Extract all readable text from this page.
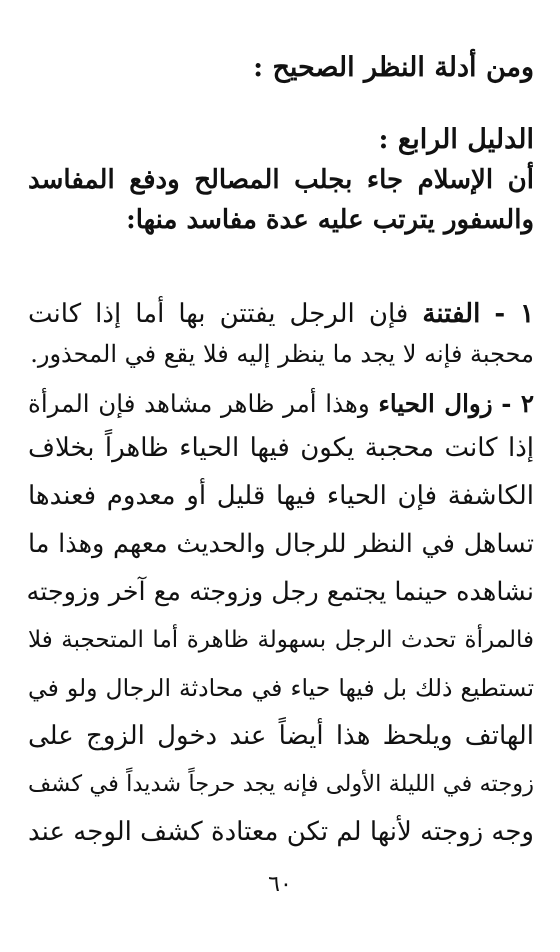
ومن أدلة النظر الصحيح :
الدليل الرابع :
أن الإسلام جاء بجلب المصالح ودفع المفاسد
والسفور يترتب عليه عدة مفاسد منها:
١ - الفتنة فإن الرجل يفتتن بها أما إذا كانت
محجبة فإنه لا يجد ما ينظر إليه فلا يقع في المحذور.
٢ - زوال الحياء وهذا أمر ظاهر مشاهد فإن المرأة
إذا كانت محجبة يكون فيها الحياء ظاهراً بخلاف
الكاشفة فإن الحياء فيها قليل أو معدوم فعندها
تساهل في النظر للرجال والحديث معهم وهذا ما
نشاهده حينما يجتمع رجل وزوجته مع آخر وزوجته
فالمرأة تحدث الرجل بسهولة ظاهرة أما المتحجبة فلا
تستطيع ذلك بل فيها حياء في محادثة الرجال ولو في
الهاتف ويلحظ هذا أيضاً عند دخول الزوج على
زوجته في الليلة الأولى فإنه يجد حرجاً شديداً في كشف
وجه زوجته لأنها لم تكن معتادة كشف الوجه عند
٦٠
